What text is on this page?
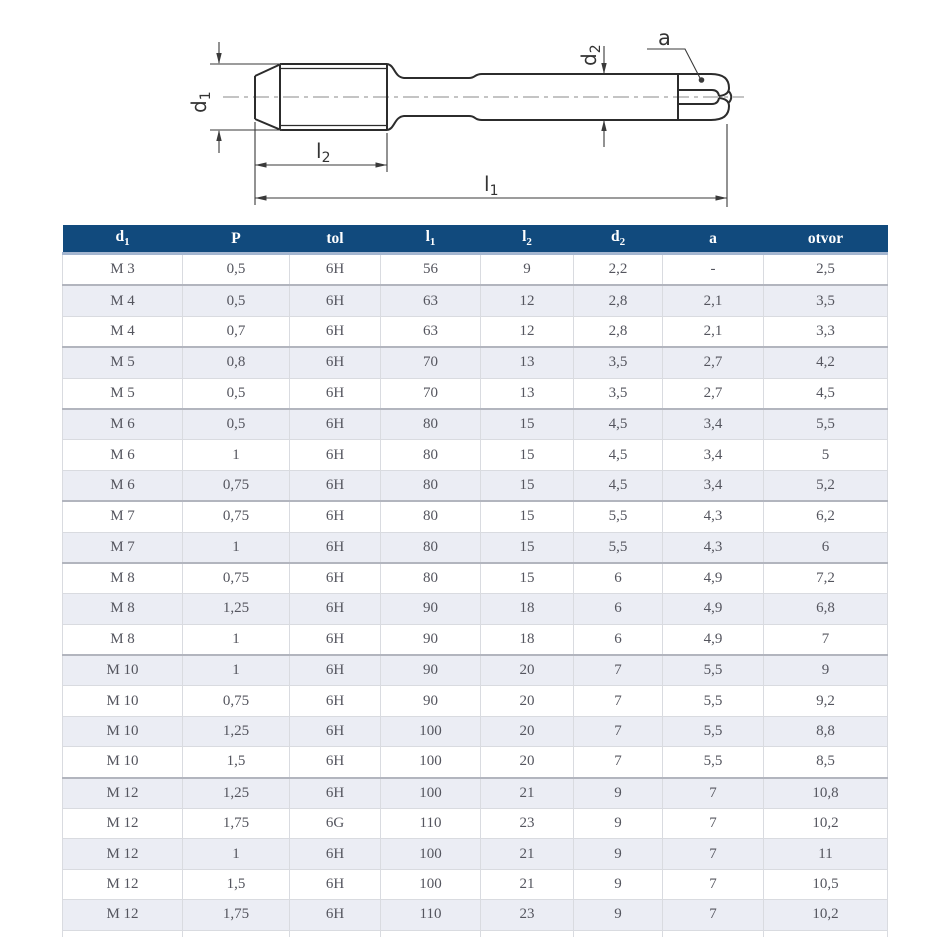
$d_1$
$l_2$
$l_1$
$d_2$	a
$d_1$	P	tol	$l_1$	$l_2$	$d_2$	a	otvor
M 3	0,5	6H	56	9	2,2	-	2,5
M 4	0,5	6H	63	12	2,8	2,1	3,5
M 4	0,7	6H	63	12	2,8	2,1	3,3
M 5	0,8	6H	70	13	3,5	2,7	4,2
M 5	0,5	6H	70	13	3,5	2,7	4,5
M 6	0,5	6H	80	15	4,5	3,4	5,5
M 6	1	6H	80	15	4,5	3,4	5
M 6	0,75	6H	80	15	4,5	3,4	5,2
M 7	0,75	6H	80	15	5,5	4,3	6,2
M 7	1	6H	80	15	5,5	4,3	6
M 8	0,75	6H	80	15	6	4,9	7,2
M 8	1,25	6H	90	18	6	4,9	6,8
M 8	1	6H	90	18	6	4,9	7
M 10	1	6H	90	20	7	5,5	9
M 10	0,75	6H	90	20	7	5,5	9,2
M 10	1,25	6H	100	20	7	5,5	8,8
M 10	1,5	6H	100	20	7	5,5	8,5
M 12	1,25	6H	100	21	9	7	10,8
M 12	1,75	6G	110	23	9	7	10,2
M 12	1	6H	100	21	9	7	11
M 12	1,5	6H	100	21	9	7	10,5
M 12	1,75	6H	110	23	9	7	10,2
